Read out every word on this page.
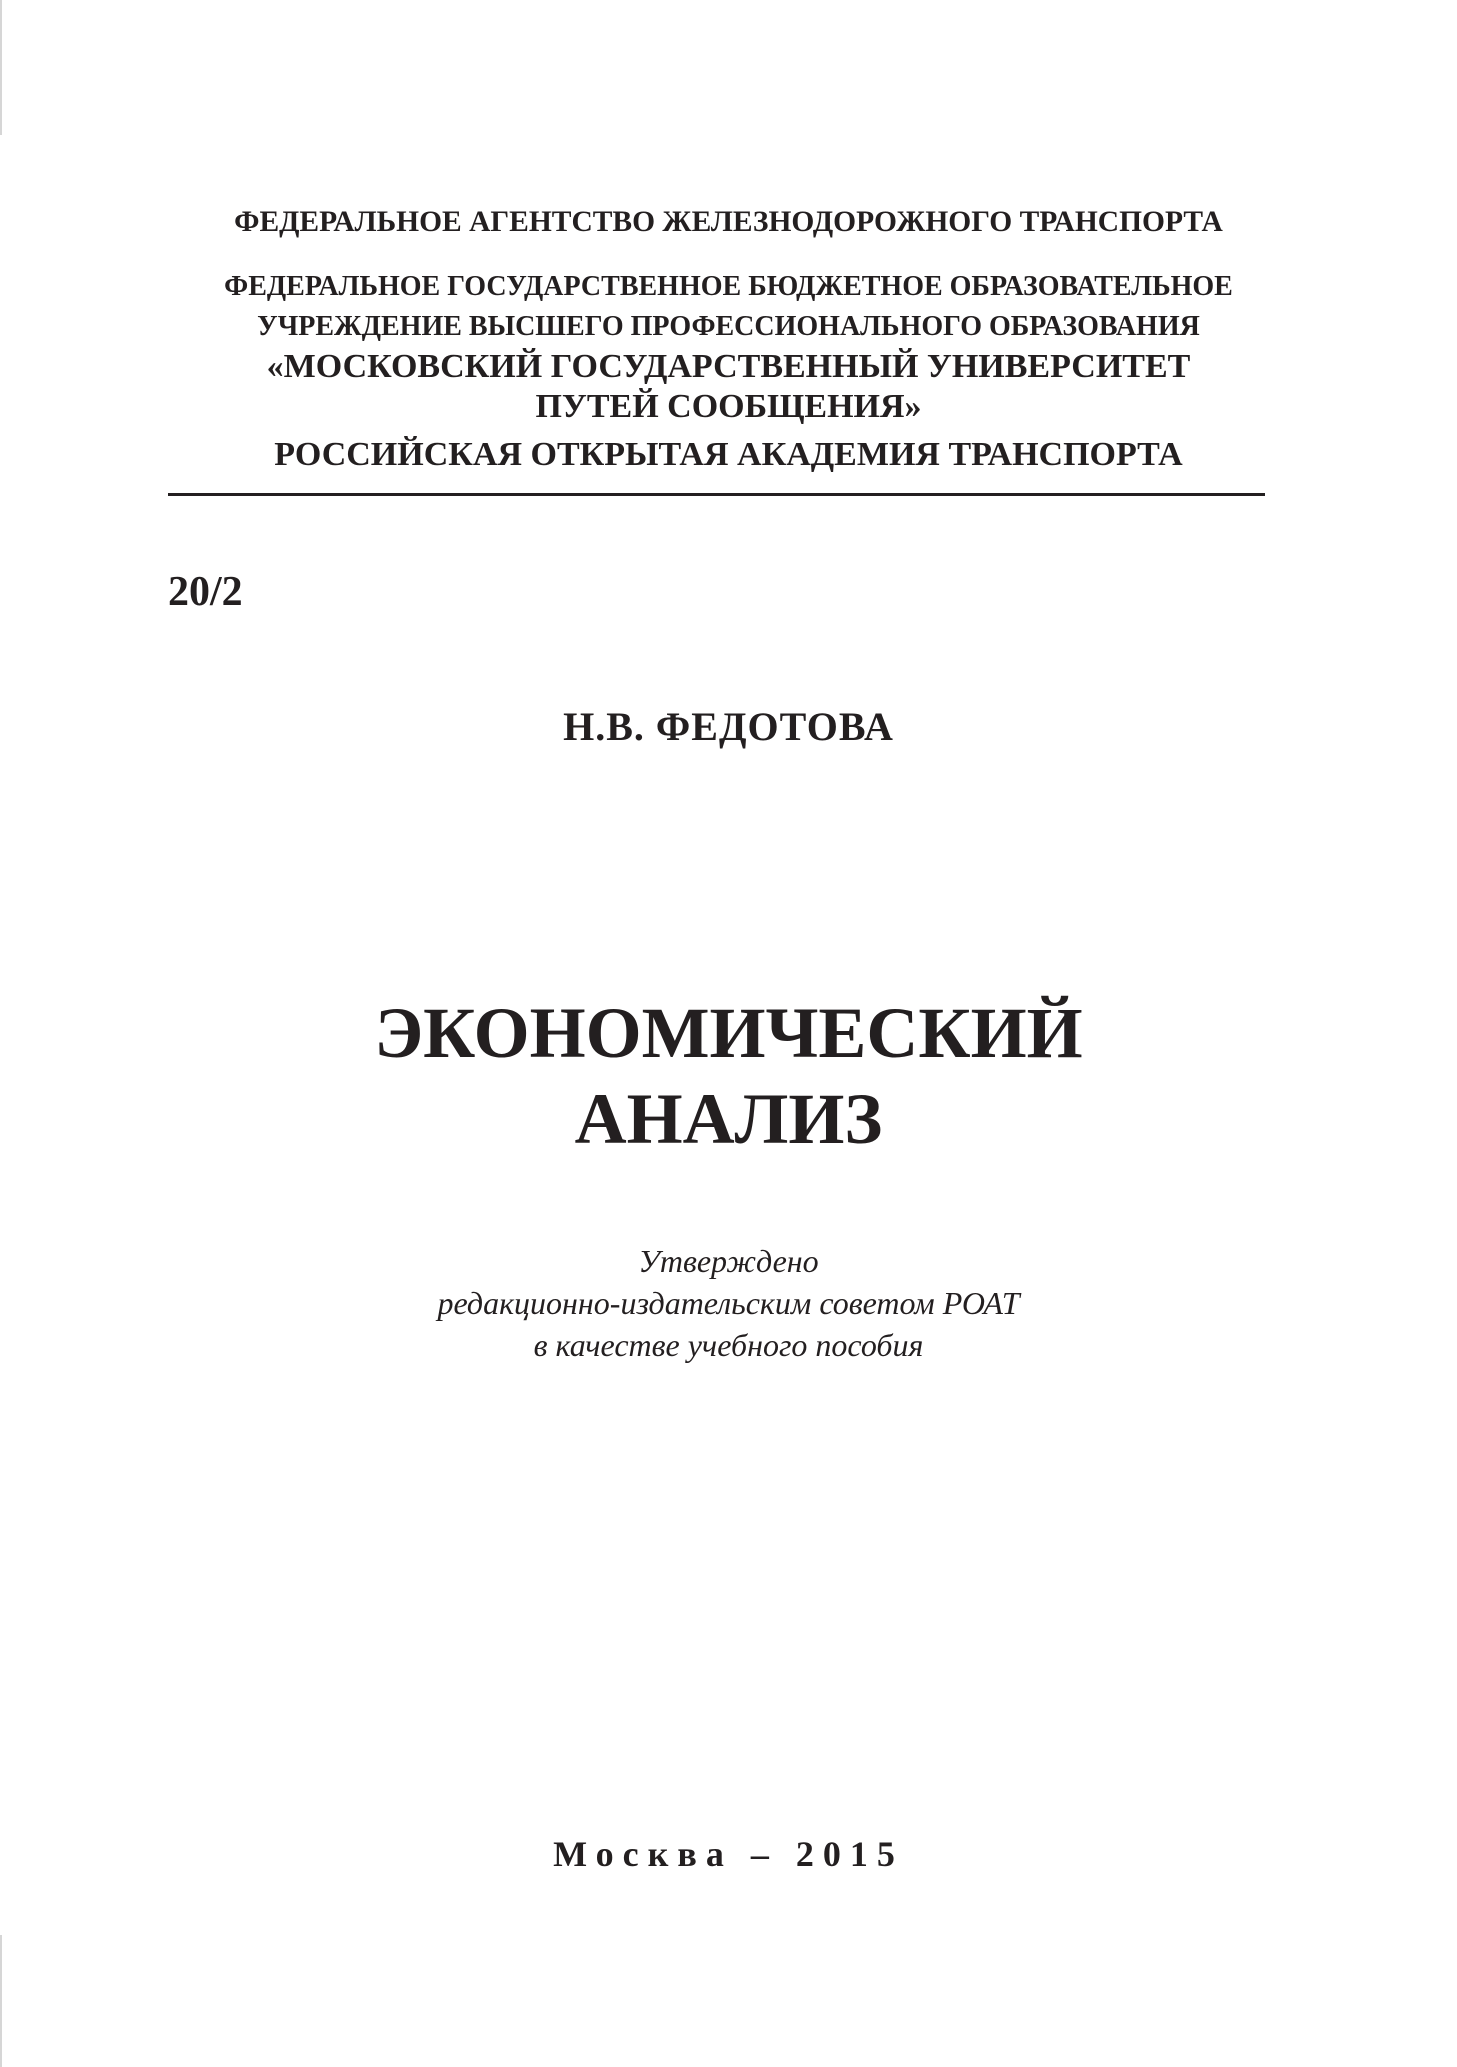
ФЕДЕРАЛЬНОЕ АГЕНТСТВО ЖЕЛЕЗНОДОРОЖНОГО ТРАНСПОРТА
ФЕДЕРАЛЬНОЕ ГОСУДАРСТВЕННОЕ БЮДЖЕТНОЕ ОБРАЗОВАТЕЛЬНОЕ
УЧРЕЖДЕНИЕ ВЫСШЕГО ПРОФЕССИОНАЛЬНОГО ОБРАЗОВАНИЯ
«МОСКОВСКИЙ ГОСУДАРСТВЕННЫЙ УНИВЕРСИТЕТ
ПУТЕЙ СООБЩЕНИЯ»
РОССИЙСКАЯ ОТКРЫТАЯ АКАДЕМИЯ ТРАНСПОРТА
20/2
Н.В. ФЕДОТОВА
ЭКОНОМИЧЕСКИЙ
АНАЛИЗ
Утверждено
редакционно-издательским советом РОАТ
в качестве учебного пособия
Москва – 2015
